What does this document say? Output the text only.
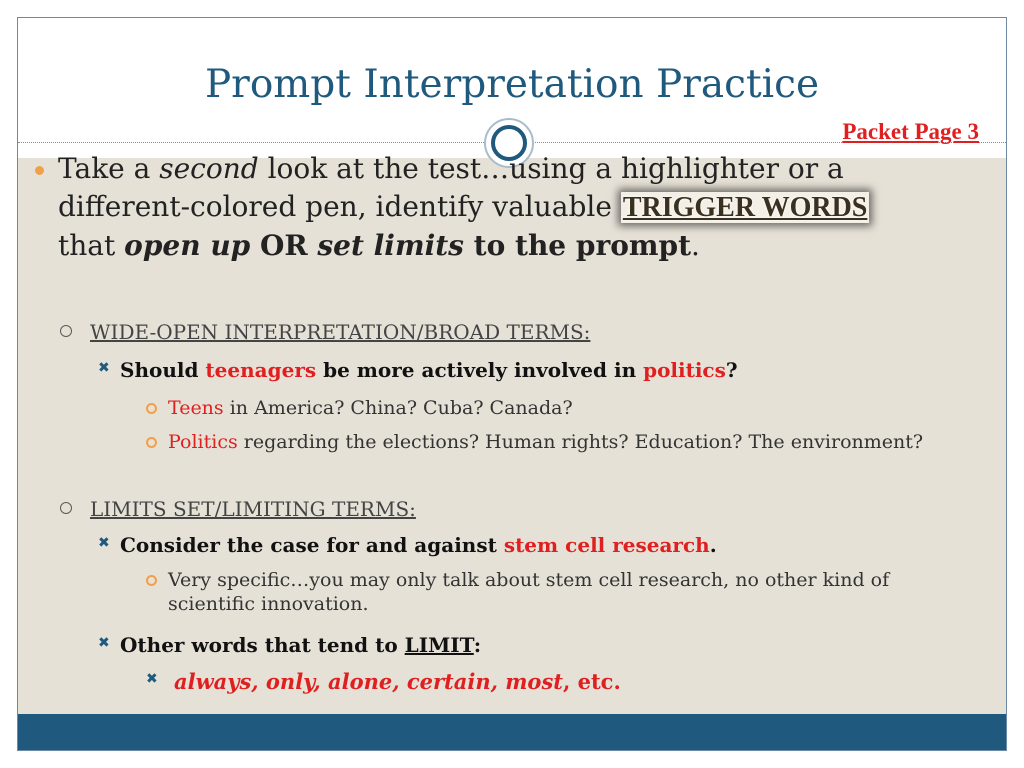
Prompt Interpretation Practice
Packet Page 3
Take a second look at the test…using a highlighter or a different-colored pen, identify valuable TRIGGER WORDS that open up OR set limits to the prompt.
WIDE-OPEN INTERPRETATION/BROAD TERMS:
✖ Should teenagers be more actively involved in politics?
Teens in America? China? Cuba? Canada?
Politics regarding the elections? Human rights? Education? The environment?
LIMITS SET/LIMITING TERMS:
✖ Consider the case for and against stem cell research.
Very specific…you may only talk about stem cell research, no other kind of scientific innovation.
✖ Other words that tend to LIMIT:
✖ always, only, alone, certain, most, etc.
